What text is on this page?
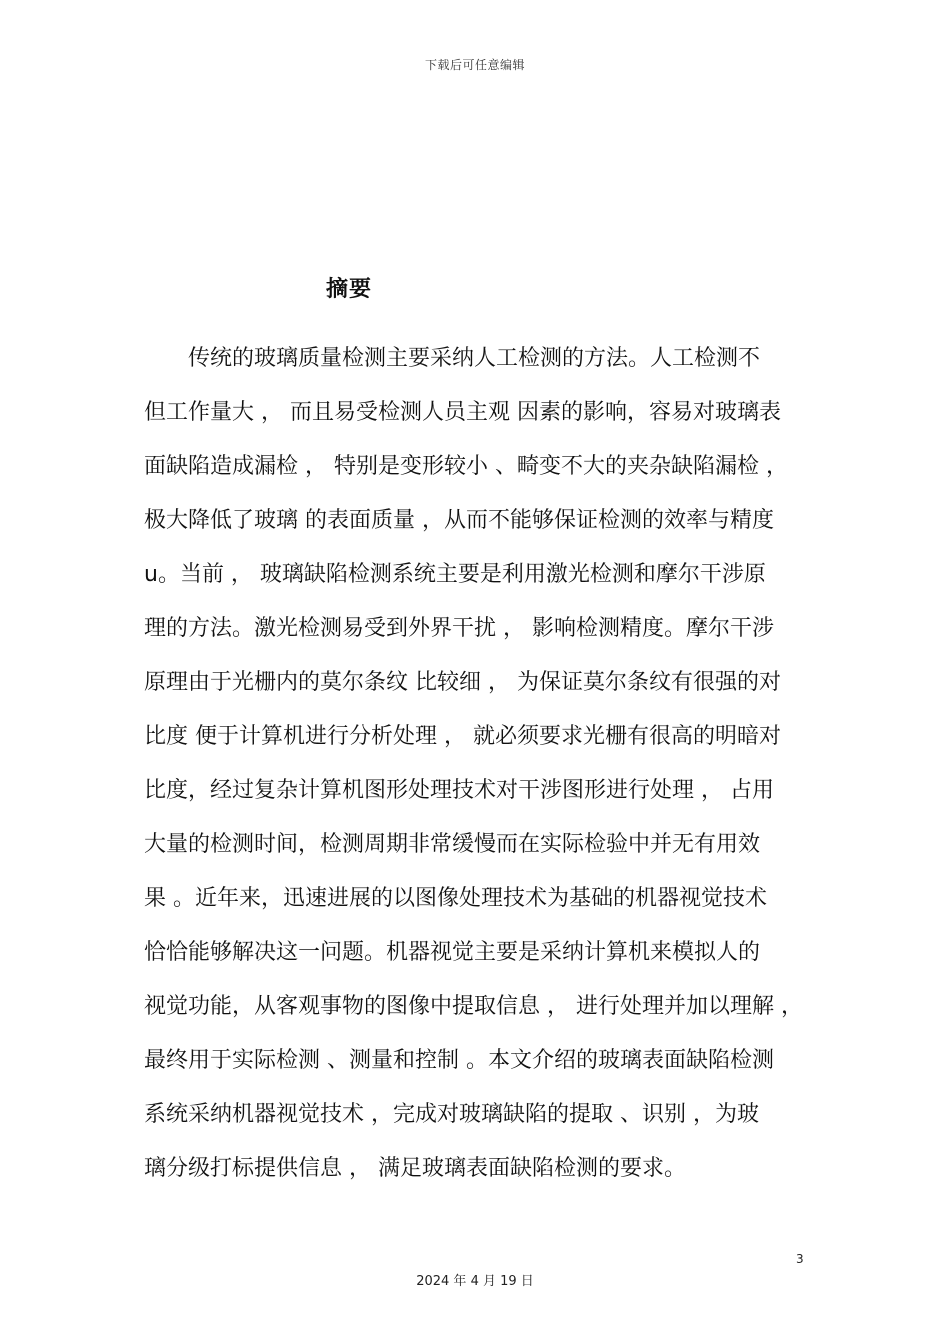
下载后可任意编辑
摘要
　　传统的玻璃质量检测主要采纳人工检测的方法。人工检测不
但工作量大 ， 而且易受检测人员主观 因素的影响，容易对玻璃表
面缺陷造成漏检 ， 特别是变形较小 、畸变不大的夹杂缺陷漏检 ，
极大降低了玻璃 的表面质量 ，从而不能够保证检测的效率与精度
u。当前 ， 玻璃缺陷检测系统主要是利用激光检测和摩尔干涉原
理的方法。激光检测易受到外界干扰 ， 影响检测精度。摩尔干涉
原理由于光栅内的莫尔条纹 比较细 ， 为保证莫尔条纹有很强的对
比度 便于计算机进行分析处理 ， 就必须要求光栅有很高的明暗对
比度，经过复杂计算机图形处理技术对干涉图形进行处理 ， 占用
大量的检测时间，检测周期非常缓慢而在实际检验中并无有用效
果 。近年来，迅速进展的以图像处理技术为基础的机器视觉技术
恰恰能够解决这一问题。机器视觉主要是采纳计算机来模拟人的
视觉功能，从客观事物的图像中提取信息 ， 进行处理并加以理解 ，
最终用于实际检测 、测量和控制 。本文介绍的玻璃表面缺陷检测
系统采纳机器视觉技术 ，完成对玻璃缺陷的提取 、识别 ，为玻
璃分级打标提供信息 ， 满足玻璃表面缺陷检测的要求。
3
2024 年 4 月 19 日
